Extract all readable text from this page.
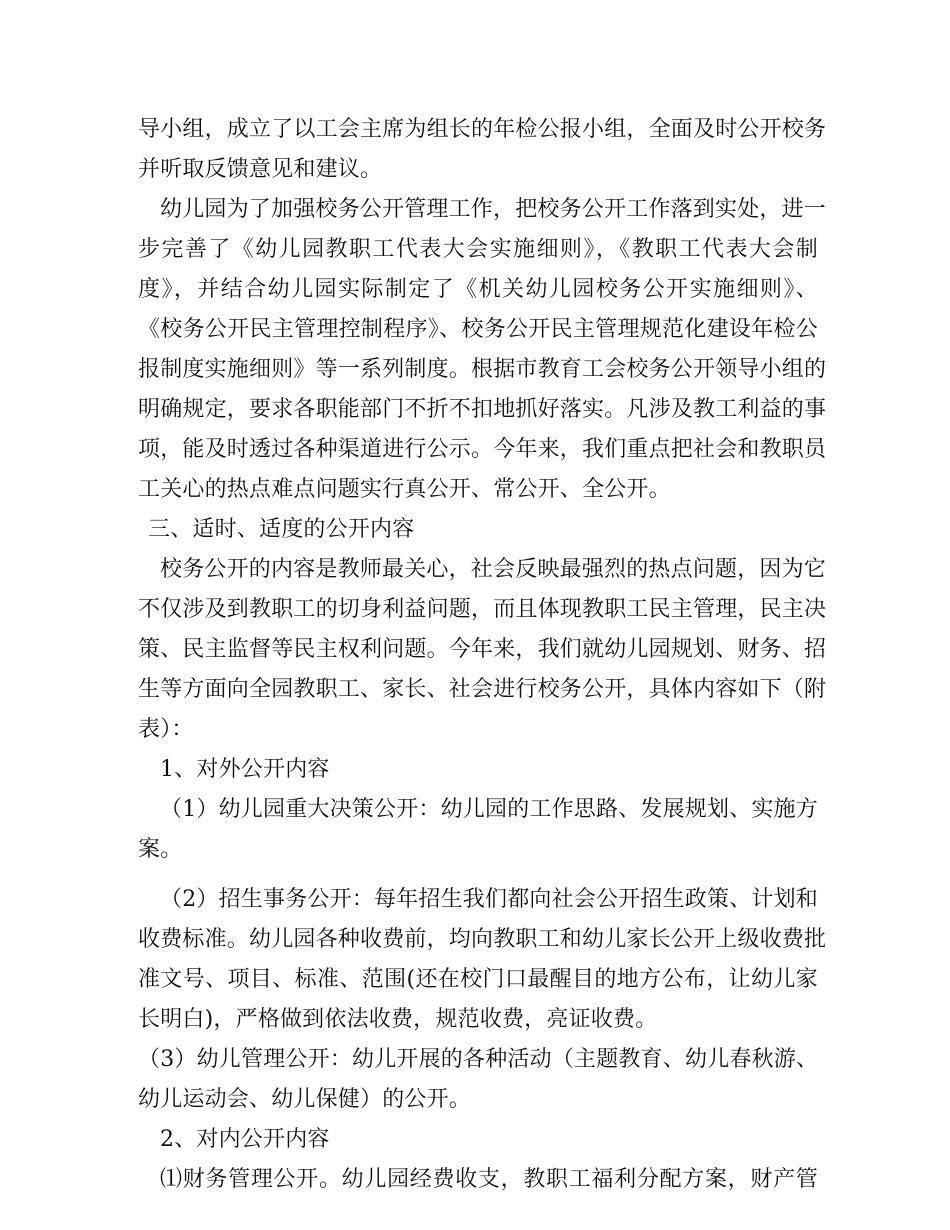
导小组，成立了以工会主席为组长的年检公报小组，全面及时公开校务
并听取反馈意见和建议。
幼儿园为了加强校务公开管理工作，把校务公开工作落到实处，进一
步完善了《幼儿园教职工代表大会实施细则》，《教职工代表大会制
度》，并结合幼儿园实际制定了《机关幼儿园校务公开实施细则》、
《校务公开民主管理控制程序》、校务公开民主管理规范化建设年检公
报制度实施细则》等一系列制度。根据市教育工会校务公开领导小组的
明确规定，要求各职能部门不折不扣地抓好落实。凡涉及教工利益的事
项，能及时透过各种渠道进行公示。今年来，我们重点把社会和教职员
工关心的热点难点问题实行真公开、常公开、全公开。
三、适时、适度的公开内容
校务公开的内容是教师最关心，社会反映最强烈的热点问题，因为它
不仅涉及到教职工的切身利益问题，而且体现教职工民主管理，民主决
策、民主监督等民主权利问题。今年来，我们就幼儿园规划、财务、招
生等方面向全园教职工、家长、社会进行校务公开，具体内容如下（附
表）：
1、对外公开内容
（1）幼儿园重大决策公开：幼儿园的工作思路、发展规划、实施方
案。
（2）招生事务公开：每年招生我们都向社会公开招生政策、计划和
收费标准。幼儿园各种收费前，均向教职工和幼儿家长公开上级收费批
准文号、项目、标准、范围(还在校门口最醒目的地方公布，让幼儿家
长明白)，严格做到依法收费，规范收费，亮证收费。
（3）幼儿管理公开：幼儿开展的各种活动（主题教育、幼儿春秋游、
幼儿运动会、幼儿保健）的公开。
2、对内公开内容
⑴财务管理公开。幼儿园经费收支，教职工福利分配方案，财产管
